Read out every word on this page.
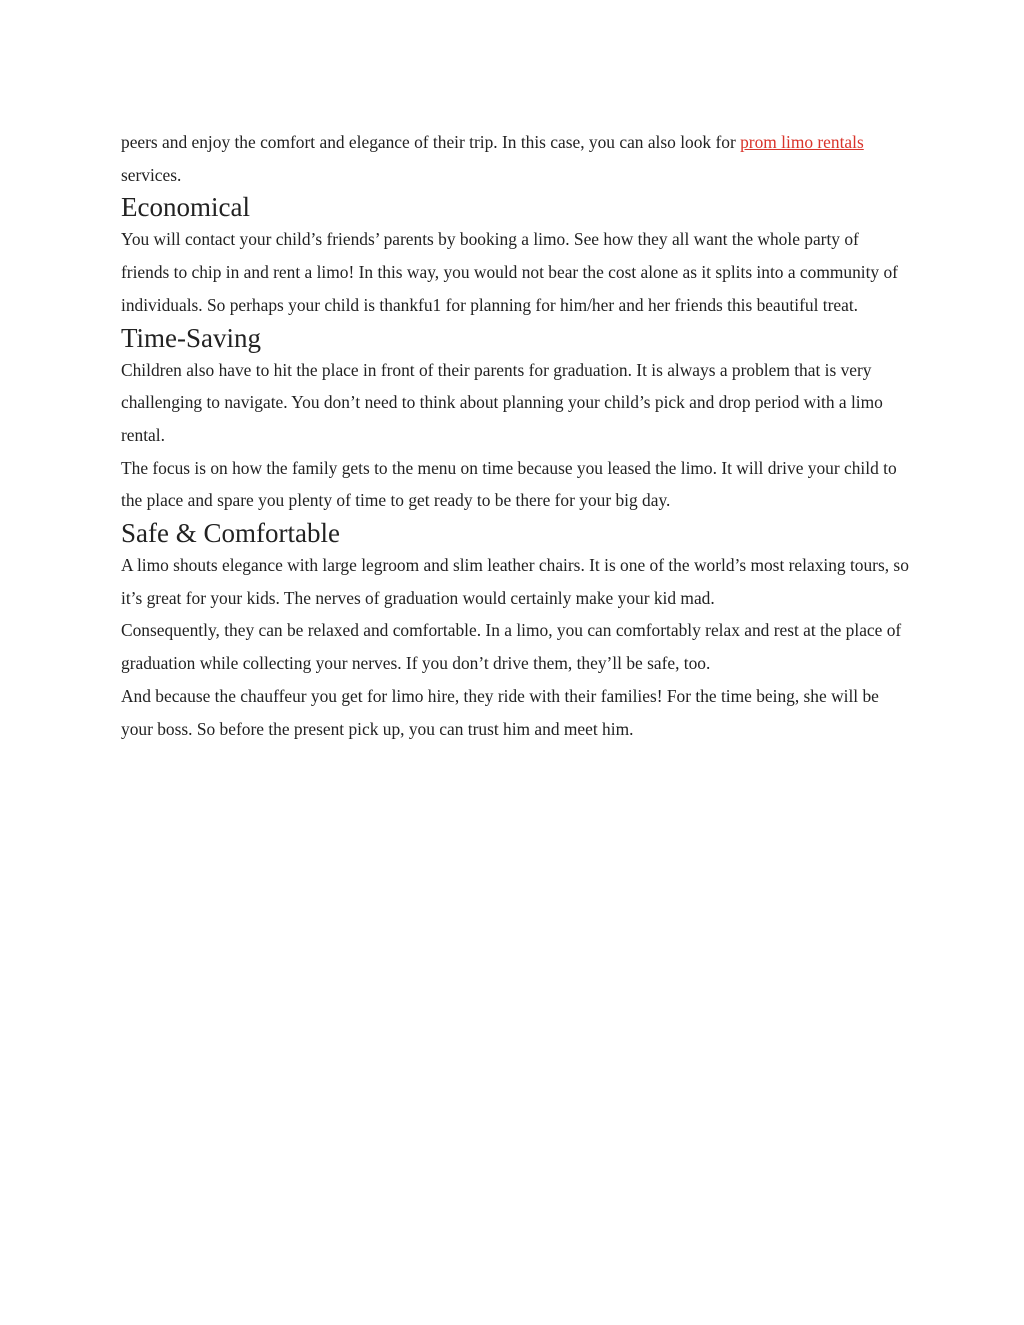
peers and enjoy the comfort and elegance of their trip. In this case, you can also look for prom limo rentals services.

Economical

You will contact your child’s friends’ parents by booking a limo. See how they all want the whole party of friends to chip in and rent a limo! In this way, you would not bear the cost alone as it splits into a community of individuals. So perhaps your child is thankfu1 for planning for him/her and her friends this beautiful treat.

Time-Saving

Children also have to hit the place in front of their parents for graduation. It is always a problem that is very challenging to navigate. You don’t need to think about planning your child’s pick and drop period with a limo rental.

The focus is on how the family gets to the menu on time because you leased the limo. It will drive your child to the place and spare you plenty of time to get ready to be there for your big day.

Safe & Comfortable

A limo shouts elegance with large legroom and slim leather chairs. It is one of the world’s most relaxing tours, so it’s great for your kids. The nerves of graduation would certainly make your kid mad.

Consequently, they can be relaxed and comfortable. In a limo, you can comfortably relax and rest at the place of graduation while collecting your nerves. If you don’t drive them, they’ll be safe, too.

And because the chauffeur you get for limo hire, they ride with their families! For the time being, she will be your boss. So before the present pick up, you can trust him and meet him.
